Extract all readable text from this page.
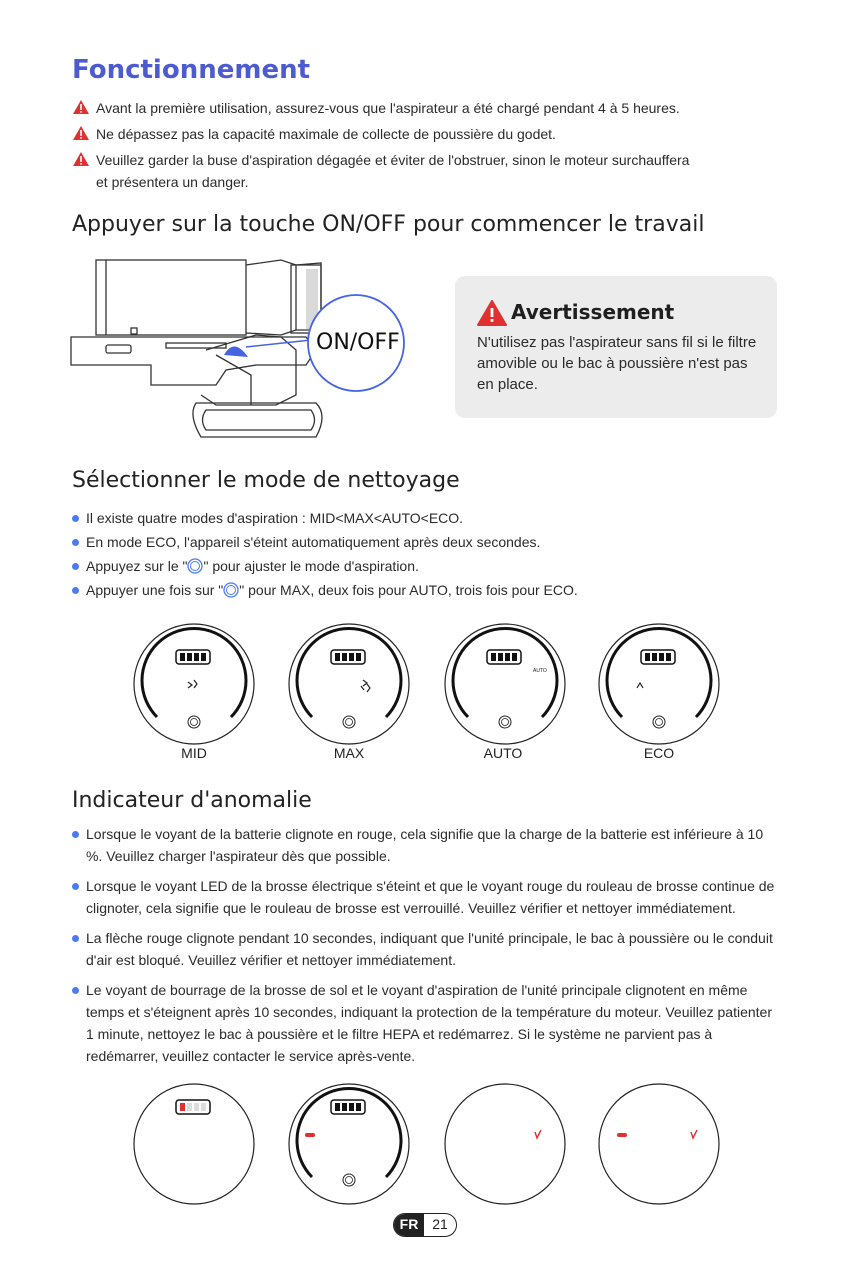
Fonctionnement
Avant la première utilisation, assurez-vous que l'aspirateur a été chargé pendant 4 à 5 heures.
Ne dépassez pas la capacité maximale de collecte de poussière du godet.
Veuillez garder la buse d'aspiration dégagée et éviter de l'obstruer, sinon le moteur surchauffera
et présentera un danger.
Appuyer sur la touche ON/OFF pour commencer le travail
ON/OFF
Avertissement
N'utilisez pas l'aspirateur sans fil si le filtre amovible ou le bac à poussière n'est pas en place.
Sélectionner le mode de nettoyage
Il existe quatre modes d'aspiration : MID<MAX<AUTO<ECO.
En mode ECO, l'appareil s'éteint automatiquement après deux secondes.
Appuyez sur le " " pour ajuster le mode d'aspiration.
Appuyer une fois sur " " pour MAX, deux fois pour AUTO, trois fois pour ECO.
MID	MAX
AUTO
AUTO	ECO
Indicateur d'anomalie
Lorsque le voyant de la batterie clignote en rouge, cela signifie que la charge de la batterie est inférieure à 10 %. Veuillez charger l'aspirateur dès que possible.
Lorsque le voyant LED de la brosse électrique s'éteint et que le voyant rouge du rouleau de brosse continue de clignoter, cela signifie que le rouleau de brosse est verrouillé. Veuillez vérifier et nettoyer immédiatement.
La flèche rouge clignote pendant 10 secondes, indiquant que l'unité principale, le bac à poussière ou le conduit d'air est bloqué. Veuillez vérifier et nettoyer immédiatement.
Le voyant de bourrage de la brosse de sol et le voyant d'aspiration de l'unité principale clignotent en même temps et s'éteignent après 10 secondes, indiquant la protection de la température du moteur. Veuillez patienter 1 minute, nettoyez le bac à poussière et le filtre HEPA et redémarrez. Si le système ne parvient pas à redémarrer, veuillez contacter le service après-vente.
FR 21
